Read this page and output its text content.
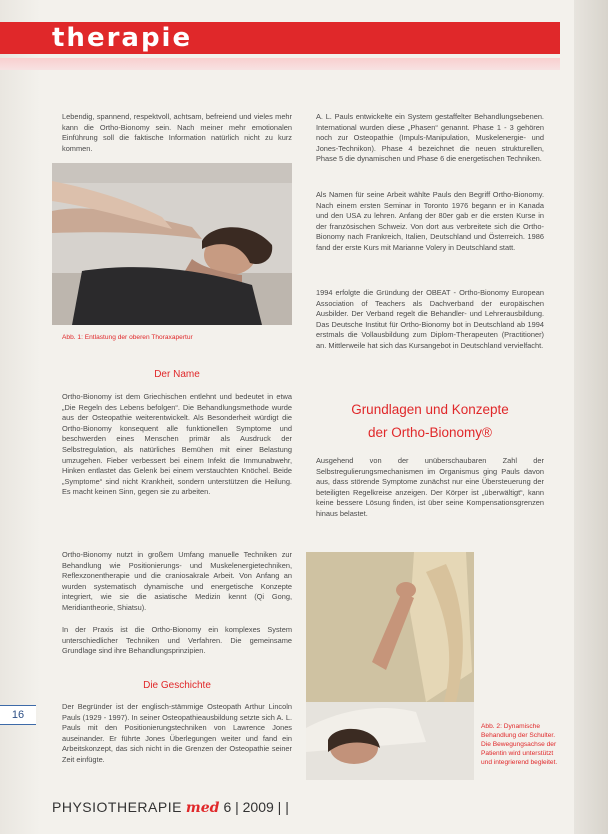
therapie

Lebendig, spannend, respektvoll, achtsam, befreiend und vieles mehr kann die Ortho-Bionomy sein. Nach meiner mehr emotionalen Einführung soll die faktische Information natürlich nicht zu kurz kommen.

Abb. 1: Entlastung der oberen Thoraxapertur

Der Name

Ortho-Bionomy ist dem Griechischen entlehnt und bedeutet in etwa „Die Regeln des Lebens befolgen“. Die Behandlungsmethode wurde aus der Osteopathie weiterentwickelt. Als Besonderheit würdigt die Ortho-Bionomy konsequent alle funktionellen Symptome und beschwerden eines Menschen primär als Ausdruck der Selbstregulation, als natürliches Bemühen mit einer Belastung umzugehen. Fieber verbessert bei einem Infekt die Immunabwehr, Hinken entlastet das Gelenk bei einem verstauchten Knöchel. Beide „Symptome“ sind nicht Krankheit, sondern unterstützen die Heilung. Es macht keinen Sinn, gegen sie zu arbeiten.

Ortho-Bionomy nutzt in großem Umfang manuelle Techniken zur Behandlung wie Positionierungs- und Muskelenergietechniken, Reflexzonentherapie und die craniosakrale Arbeit. Von Anfang an wurden systematisch dynamische und energetische Konzepte integriert, wie sie die asiatische Medizin kennt (Qi Gong, Meridiantheorie, Shiatsu).

In der Praxis ist die Ortho-Bionomy ein komplexes System unterschiedlicher Techniken und Verfahren. Die gemeinsame Grundlage sind ihre Behandlungsprinzipien.

Die Geschichte

Der Begründer ist der englisch-stämmige Osteopath Arthur Lincoln Pauls (1929 - 1997). In seiner Osteopathieausbildung setzte sich A. L. Pauls mit den Positionierungstechniken von Lawrence Jones auseinander. Er führte Jones Überlegungen weiter und fand ein Arbeitskonzept, das sich nicht in die Grenzen der Osteopathie seiner Zeit einfügte.

A. L. Pauls entwickelte ein System gestaffelter Behandlungsebenen. International wurden diese „Phasen“ genannt. Phase 1 - 3 gehören noch zur Osteopathie (Impuls-Manipulation, Muskelenergie- und Jones-Technikon). Phase 4 bezeichnet die neuen strukturellen, Phase 5 die dynamischen und Phase 6 die energetischen Techniken.

Als Namen für seine Arbeit wählte Pauls den Begriff Ortho-Bionomy. Nach einem ersten Seminar in Toronto 1976 begann er in Kanada und den USA zu lehren. Anfang der 80er gab er die ersten Kurse in der französischen Schweiz. Von dort aus verbreitete sich die Ortho-Bionomy nach Frankreich, Italien, Deutschland und Österreich. 1986 fand der erste Kurs mit Marianne Volery in Deutschland statt.

1994 erfolgte die Gründung der OBEAT - Ortho-Bionomy European Association of Teachers als Dachverband der europäischen Ausbilder. Der Verband regelt die Behandler- und Lehrerausbildung. Das Deutsche Institut für Ortho-Bionomy bot in Deutschland ab 1994 erstmals die Vollausbildung zum Diplom-Therapeuten (Practitioner) an. Mittlerweile hat sich das Kursangebot in Deutschland vervielfacht.

Grundlagen und Konzepte

der Ortho-Bionomy®

Ausgehend von der unüberschaubaren Zahl der Selbstregulierungsmechanismen im Organismus ging Pauls davon aus, dass störende Symptome zunächst nur eine Übersteuerung der beteiligten Regelkreise anzeigen. Der Körper ist „überwältigt“, kann keine bessere Lösung finden, ist über seine Kompensationsgrenzen hinaus belastet.

Abb. 2: Dynamische

Behandlung der Schulter.

Die Bewegungsachse der

Patientin wird unterstützt

und integrierend begleitet.

16
PHYSIOTHERAPIE med 6 | 2009 | |
